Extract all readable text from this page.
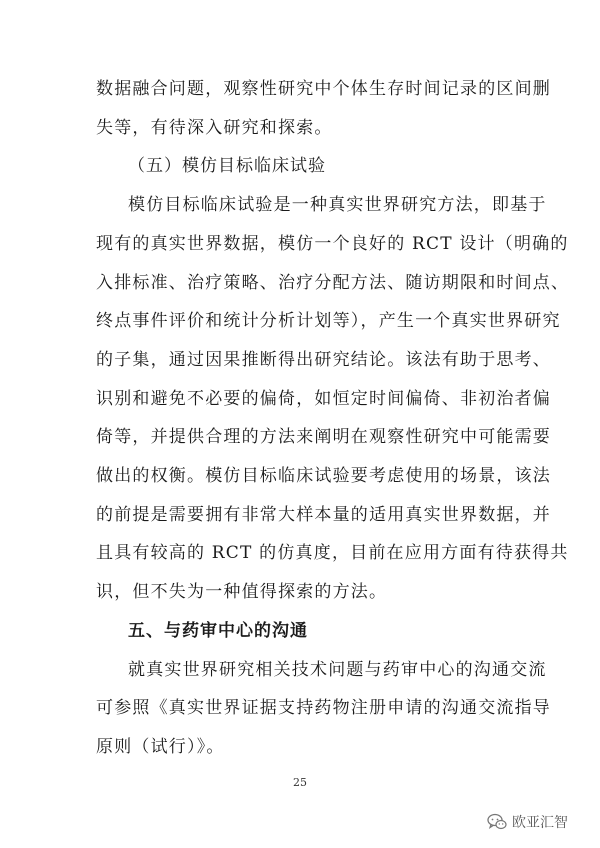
数据融合问题，观察性研究中个体生存时间记录的区间删
失等，有待深入研究和探索。
（五）模仿目标临床试验
模仿目标临床试验是一种真实世界研究方法，即基于
现有的真实世界数据，模仿一个良好的 RCT 设计（明确的
入排标准、治疗策略、治疗分配方法、随访期限和时间点、
终点事件评价和统计分析计划等），产生一个真实世界研究
的子集，通过因果推断得出研究结论。该法有助于思考、
识别和避免不必要的偏倚，如恒定时间偏倚、非初治者偏
倚等，并提供合理的方法来阐明在观察性研究中可能需要
做出的权衡。模仿目标临床试验要考虑使用的场景，该法
的前提是需要拥有非常大样本量的适用真实世界数据，并
且具有较高的 RCT 的仿真度，目前在应用方面有待获得共
识，但不失为一种值得探索的方法。
五、与药审中心的沟通
就真实世界研究相关技术问题与药审中心的沟通交流
可参照《真实世界证据支持药物注册申请的沟通交流指导
原则（试行）》。
25
欧亚汇智
